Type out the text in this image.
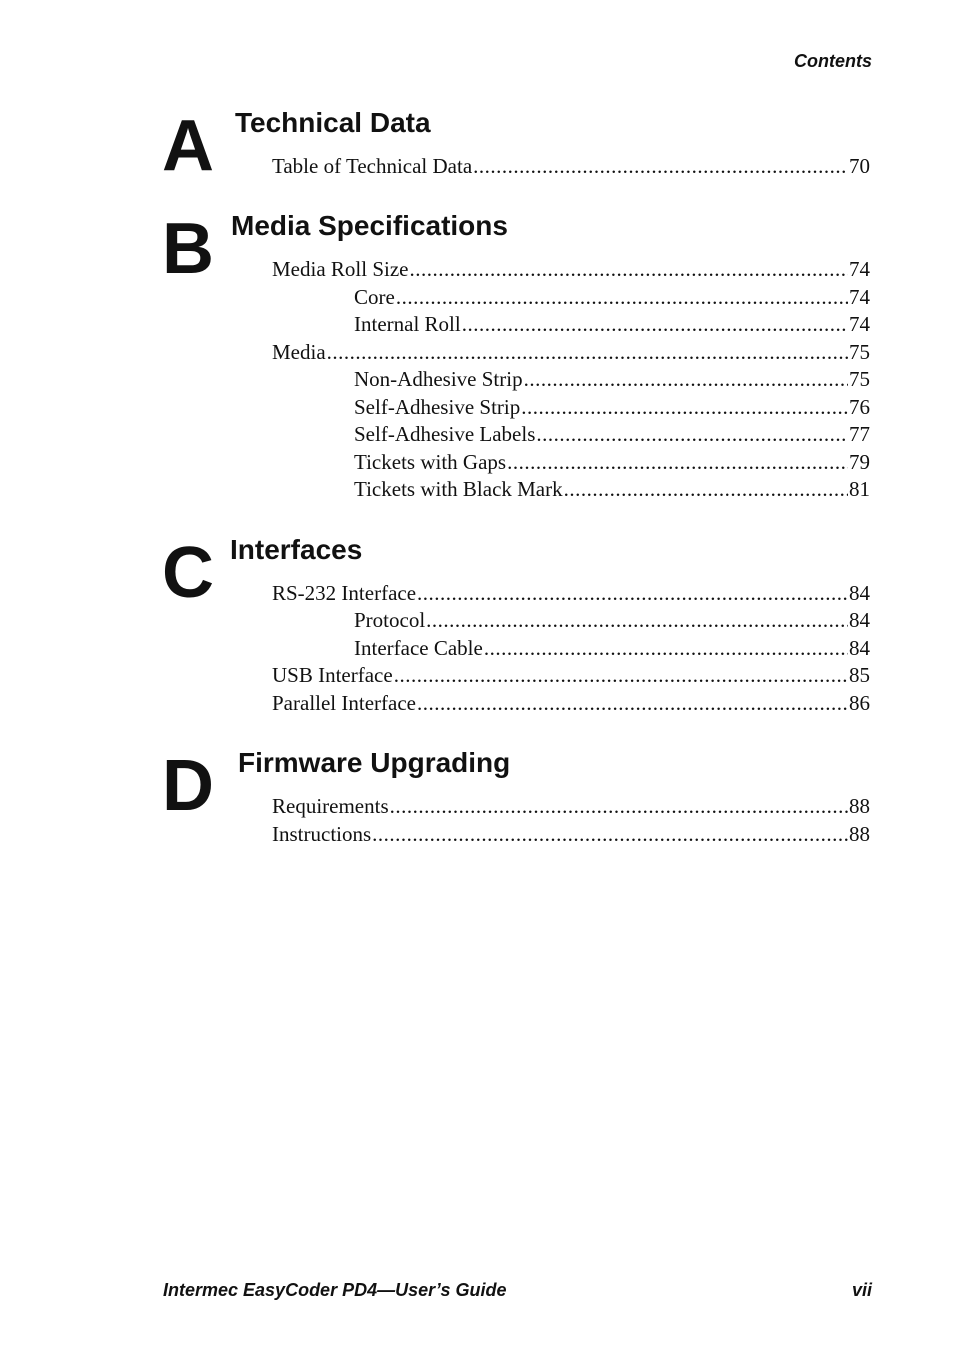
Contents
A Technical Data
Table of Technical Data .....	70
B Media Specifications
Media Roll Size .....	74
Core .....	74
Internal Roll .....	74
Media .....	75
Non-Adhesive Strip .....	75
Self-Adhesive Strip .....	76
Self-Adhesive Labels .....	77
Tickets with Gaps .....	79
Tickets with Black Mark .....	81
C Interfaces
RS-232 Interface .....	84
Protocol .....	84
Interface Cable .....	84
USB Interface .....	85
Parallel Interface .....	86
D Firmware Upgrading
Requirements .....	88
Instructions .....	88
Intermec EasyCoder PD4—User’s Guide	vii
